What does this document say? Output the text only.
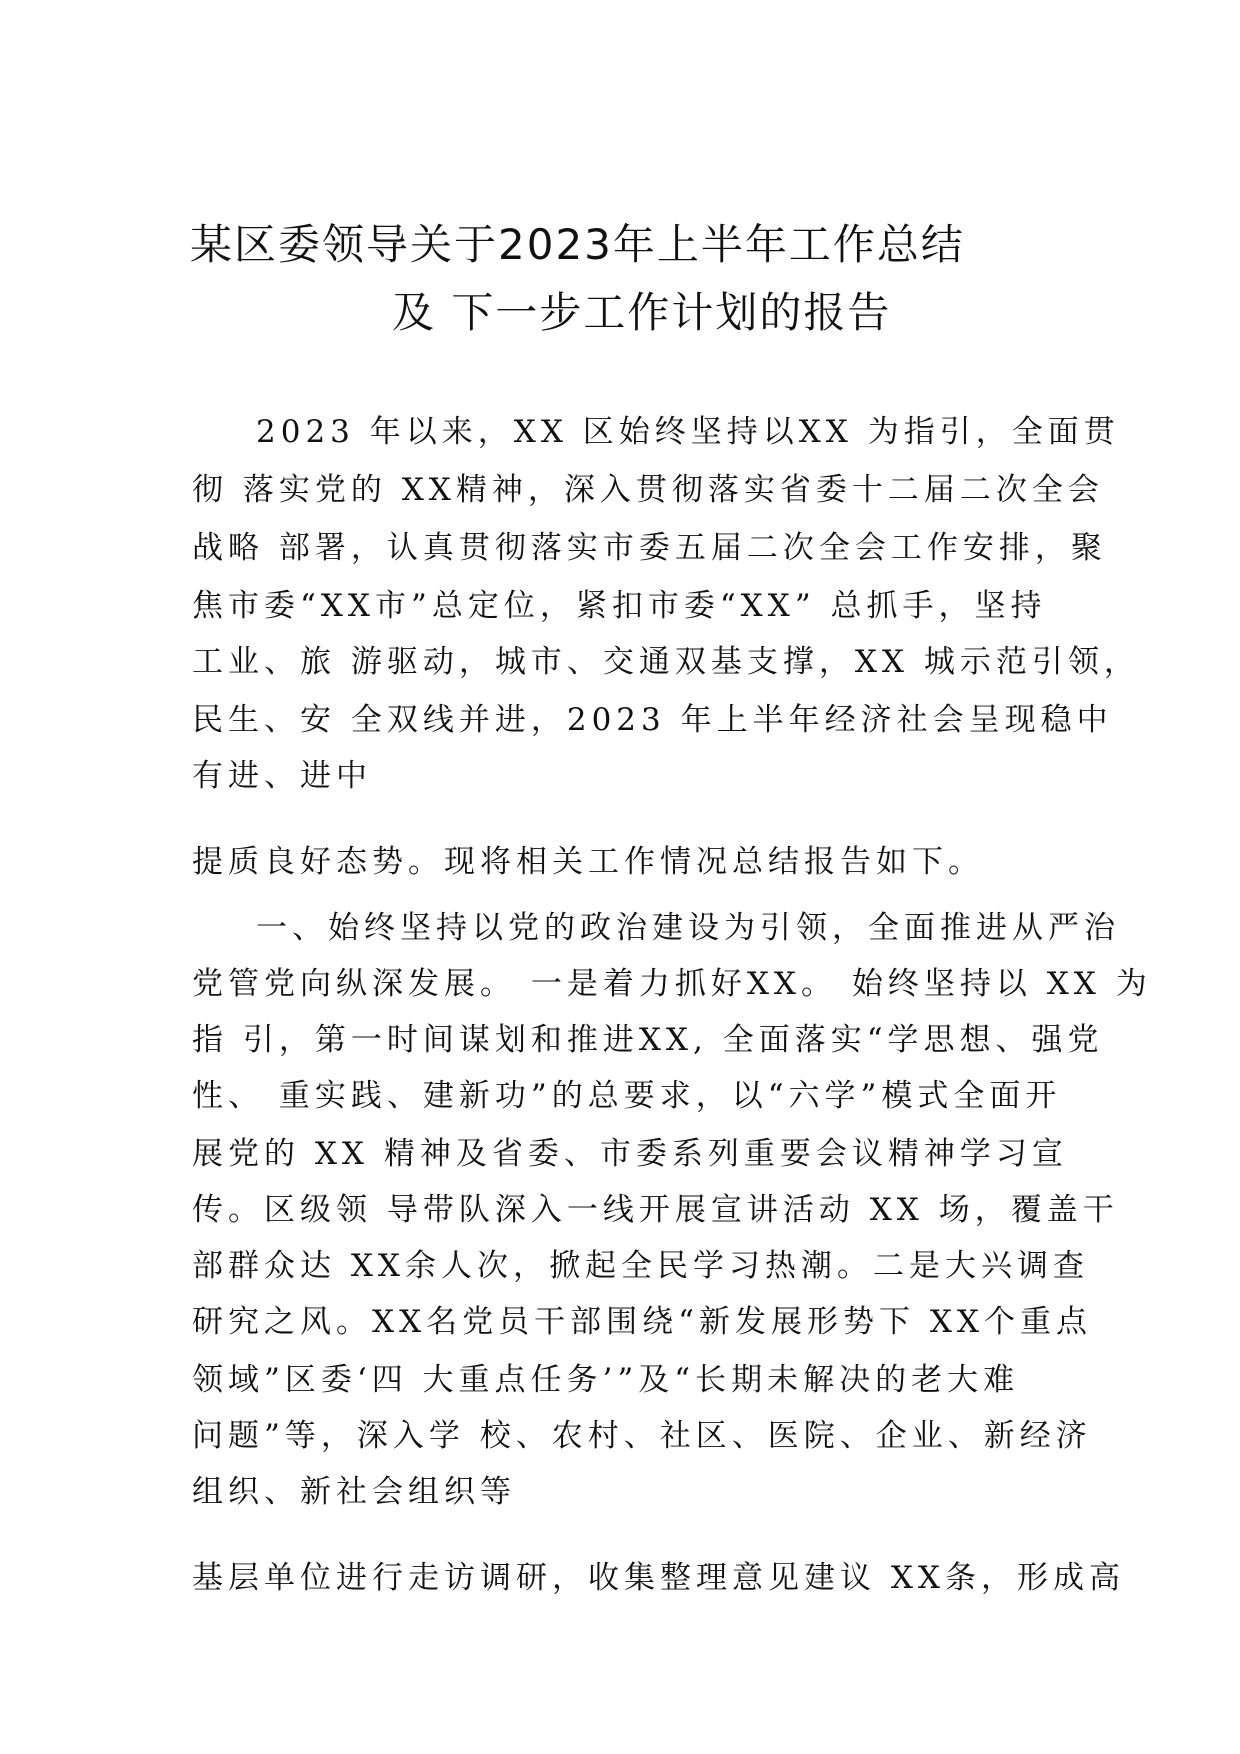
某区委领导关于2023年上半年工作总结
及 下一步工作计划的报告
2023 年以来，XX 区始终坚持以XX 为指引，全面贯
彻 落实党的 XX精神，深入贯彻落实省委十二届二次全会
战略 部署，认真贯彻落实市委五届二次全会工作安排，聚
焦市委“XX市”总定位，紧扣市委“XX” 总抓手，坚持
工业、旅 游驱动，城市、交通双基支撑，XX 城示范引领，
民生、安 全双线并进，2023 年上半年经济社会呈现稳中
有进、进中
提质良好态势。现将相关工作情况总结报告如下。
一、始终坚持以党的政治建设为引领，全面推进从严治
党管党向纵深发展。 一是着力抓好XX。 始终坚持以 XX 为
指 引，第一时间谋划和推进XX, 全面落实“学思想、强党
性、 重实践、建新功”的总要求，以“六学”模式全面开
展党的 XX 精神及省委、市委系列重要会议精神学习宣
传。区级领 导带队深入一线开展宣讲活动 XX 场，覆盖干
部群众达 XX余人次，掀起全民学习热潮。二是大兴调查
研究之风。XX名党员干部围绕“新发展形势下 XX个重点
领域”区委‘四 大重点任务’”及“长期未解决的老大难
问题”等，深入学 校、农村、社区、医院、企业、新经济
组织、新社会组织等
基层单位进行走访调研，收集整理意见建议 XX条，形成高
